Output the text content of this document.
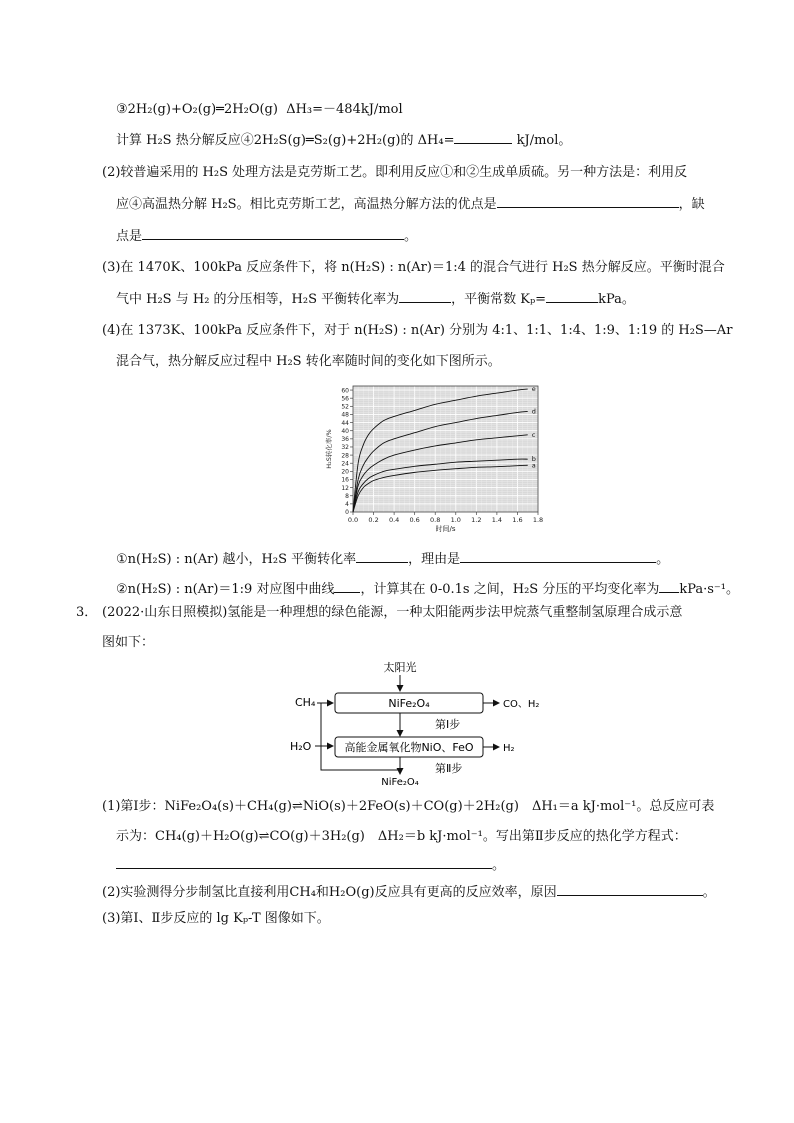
③2H₂(g)+O₂(g)═2H₂O(g) ΔH₃=－484kJ/mol
计算 H₂S 热分解反应④2H₂S(g)═S₂(g)+2H₂(g)的 ΔH₄=	kJ/mol。
(2)较普遍采用的 H₂S 处理方法是克劳斯工艺。即利用反应①和②生成单质硫。另一种方法是：利用反
应④高温热分解 H₂S。相比克劳斯工艺，高温热分解方法的优点是	，缺
点是	。
(3)在 1470K、100kPa 反应条件下，将 n(H₂S) : n(Ar)＝1:4 的混合气进行 H₂S 热分解反应。平衡时混合
气中 H₂S 与 H₂ 的分压相等，H₂S 平衡转化率为	，平衡常数 Kₚ=	kPa。
(4)在 1373K、100kPa 反应条件下，对于 n(H₂S) : n(Ar) 分别为 4:1、1:1、1:4、1:9、1:19 的 H₂S—Ar
混合气，热分解反应过程中 H₂S 转化率随时间的变化如下图所示。
0.0 0.2 0.4 0.6 0.8 1.0 1.2 1.4 1.6 1.8
0
4
8
12
16
20
24
28
32
36
40
44
48
52
56
60
时间/s
H₂S转化率/%
e
d
c
b
a
①n(H₂S) : n(Ar) 越小，H₂S 平衡转化率	，理由是	。
②n(H₂S) : n(Ar)＝1:9 对应图中曲线 ，计算其在 0-0.1s 之间，H₂S 分压的平均变化率为 kPa·s⁻¹。
3． (2022·山东日照模拟)氢能是一种理想的绿色能源，一种太阳能两步法甲烷蒸气重整制氢原理合成示意
图如下：
太阳光
CH₄	NiFe₂O₄	CO、H₂
第Ⅰ步
H₂O	高能金属氧化物NiO、FeO	H₂
第Ⅱ步
NiFe₂O₄
(1)第Ⅰ步：NiFe₂O₄(s)＋CH₄(g)⇌NiO(s)＋2FeO(s)＋CO(g)＋2H₂(g)　ΔH₁＝a kJ·mol⁻¹。总反应可表
示为：CH₄(g)＋H₂O(g)⇌CO(g)＋3H₂(g)　ΔH₂＝b kJ·mol⁻¹。写出第Ⅱ步反应的热化学方程式：
。
(2)实验测得分步制氢比直接利用CH₄和H₂O(g)反应具有更高的反应效率，原因	。
(3)第Ⅰ、Ⅱ步反应的 lg Kₚ-T 图像如下。
